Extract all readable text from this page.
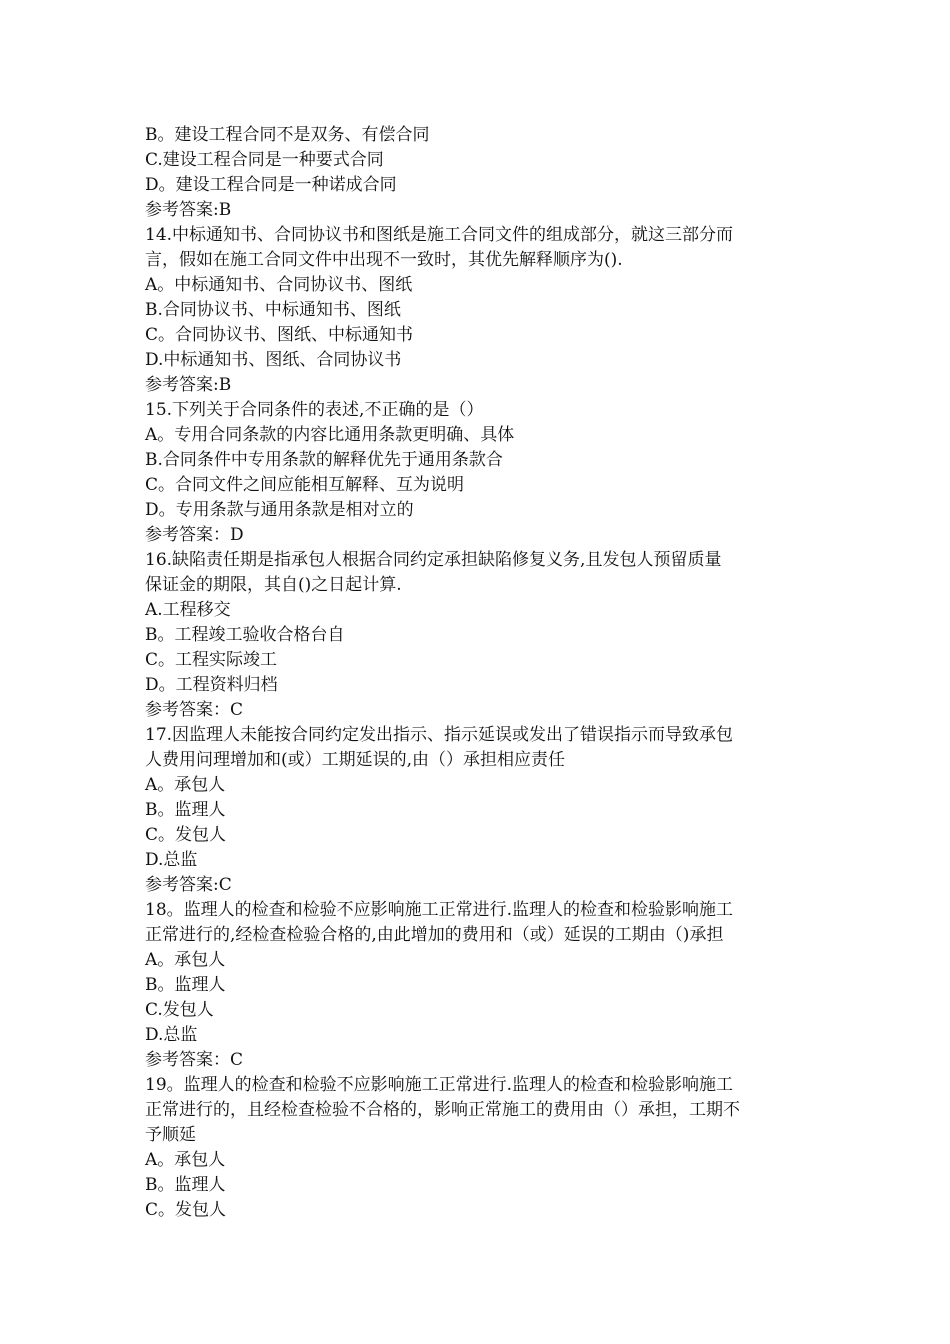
B。建设工程合同不是双务、有偿合同

C.建设工程合同是一种要式合同

D。建设工程合同是一种诺成合同

参考答案:B

14.中标通知书、合同协议书和图纸是施工合同文件的组成部分，就这三部分而

言，假如在施工合同文件中出现不一致时，其优先解释顺序为().

A。中标通知书、合同协议书、图纸

B.合同协议书、中标通知书、图纸

C。合同协议书、图纸、中标通知书

D.中标通知书、图纸、合同协议书

参考答案:B

15.下列关于合同条件的表述,不正确的是（）

A。专用合同条款的内容比通用条款更明确、具体

B.合同条件中专用条款的解释优先于通用条款合

C。合同文件之间应能相互解释、互为说明

D。专用条款与通用条款是相对立的

参考答案：D

16.缺陷责任期是指承包人根据合同约定承担缺陷修复义务,且发包人预留质量

保证金的期限，其自()之日起计算.

A.工程移交

B。工程竣工验收合格台自

C。工程实际竣工

D。工程资料归档

参考答案：C

17.因监理人未能按合同约定发出指示、指示延误或发出了错误指示而导致承包

人费用问理增加和(或）工期延误的,由（）承担相应责任

A。承包人

B。监理人

C。发包人

D.总监

参考答案:C

18。监理人的检查和检验不应影响施工正常进行.监理人的检查和检验影响施工

正常进行的,经检查检验合格的,由此增加的费用和（或）延误的工期由（)承担

A。承包人

B。监理人

C.发包人

D.总监

参考答案：C

19。监理人的检查和检验不应影响施工正常进行.监理人的检查和检验影响施工

正常进行的，且经检查检验不合格的，影响正常施工的费用由（）承担，工期不

予顺延

A。承包人

B。监理人

C。发包人
